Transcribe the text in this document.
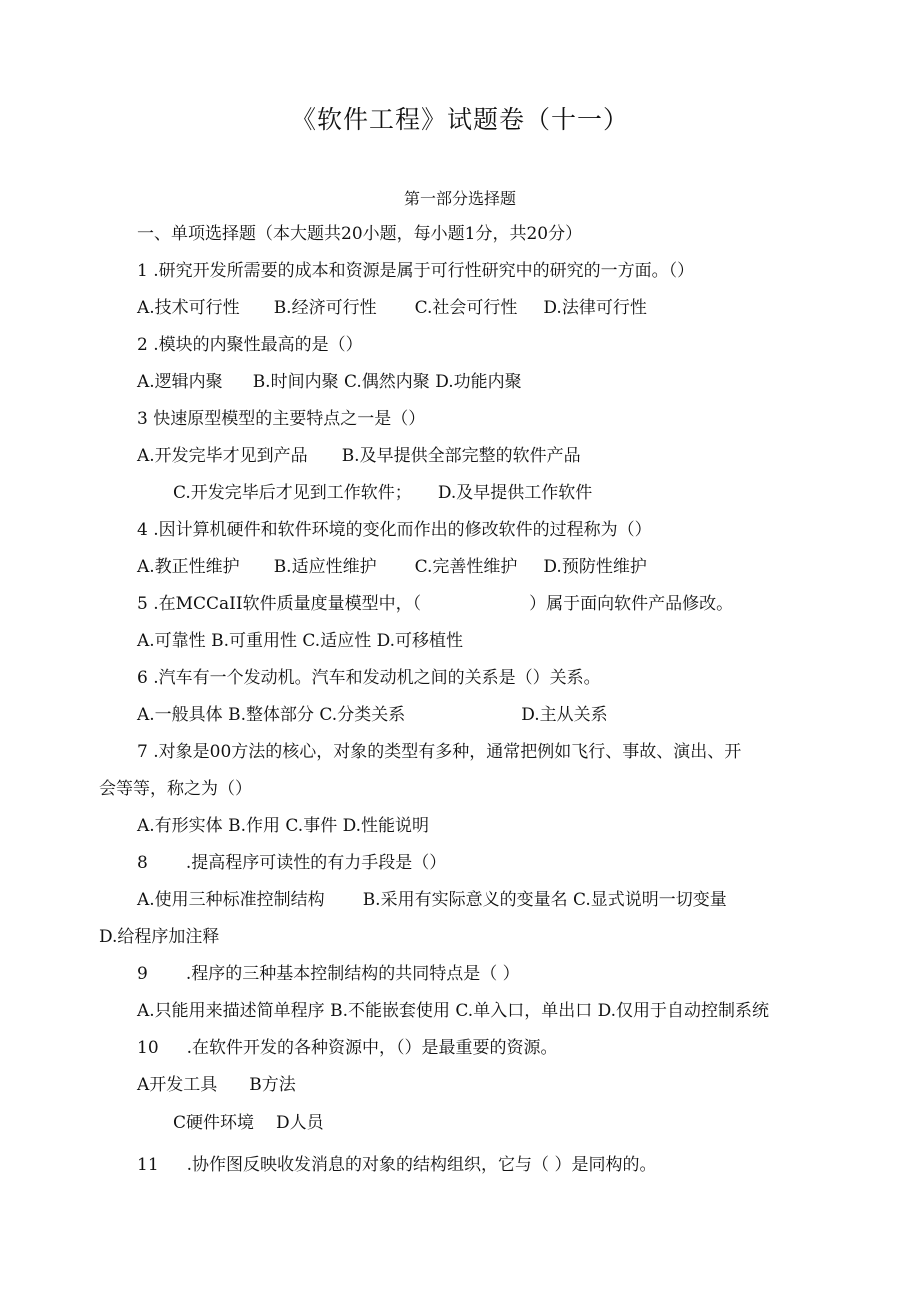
《软件工程》试题卷（十一）
第一部分选择题
一、单项选择题（本大题共20小题，每小题1分，共20分）
1 .研究开发所需要的成本和资源是属于可行性研究中的研究的一方面。（）
A.技术可行性 B.经济可行性 C.社会可行性 D.法律可行性
2 .模块的内聚性最高的是（）
A.逻辑内聚 B.时间内聚 C.偶然内聚 D.功能内聚
3 快速原型模型的主要特点之一是（）
A.开发完毕才见到产品 B.及早提供全部完整的软件产品
C.开发完毕后才见到工作软件； D.及早提供工作软件
4 .因计算机硬件和软件环境的变化而作出的修改软件的过程称为（）
A.教正性维护 B.适应性维护 C.完善性维护 D.预防性维护
5 .在MCCaII软件质量度量模型中，（	）属于面向软件产品修改。
A.可靠性 B.可重用性 C.适应性 D.可移植性
6 .汽车有一个发动机。汽车和发动机之间的关系是（）关系。
A.一般具体 B.整体部分 C.分类关系	D.主从关系
7 .对象是00方法的核心，对象的类型有多种，通常把例如飞行、事故、演出、开
会等等，称之为（）
A.有形实体 B.作用 C.事件 D.性能说明
8 .提高程序可读性的有力手段是（）
A.使用三种标准控制结构 B.采用有实际意义的变量名 C.显式说明一切变量
D.给程序加注释
9 .程序的三种基本控制结构的共同特点是（ ）
A.只能用来描述简单程序 B.不能嵌套使用 C.单入口，单出口 D.仅用于自动控制系统
10 .在软件开发的各种资源中，（）是最重要的资源。
A开发工具 B方法
C硬件环境 D人员
11 .协作图反映收发消息的对象的结构组织，它与（ ）是同构的。
